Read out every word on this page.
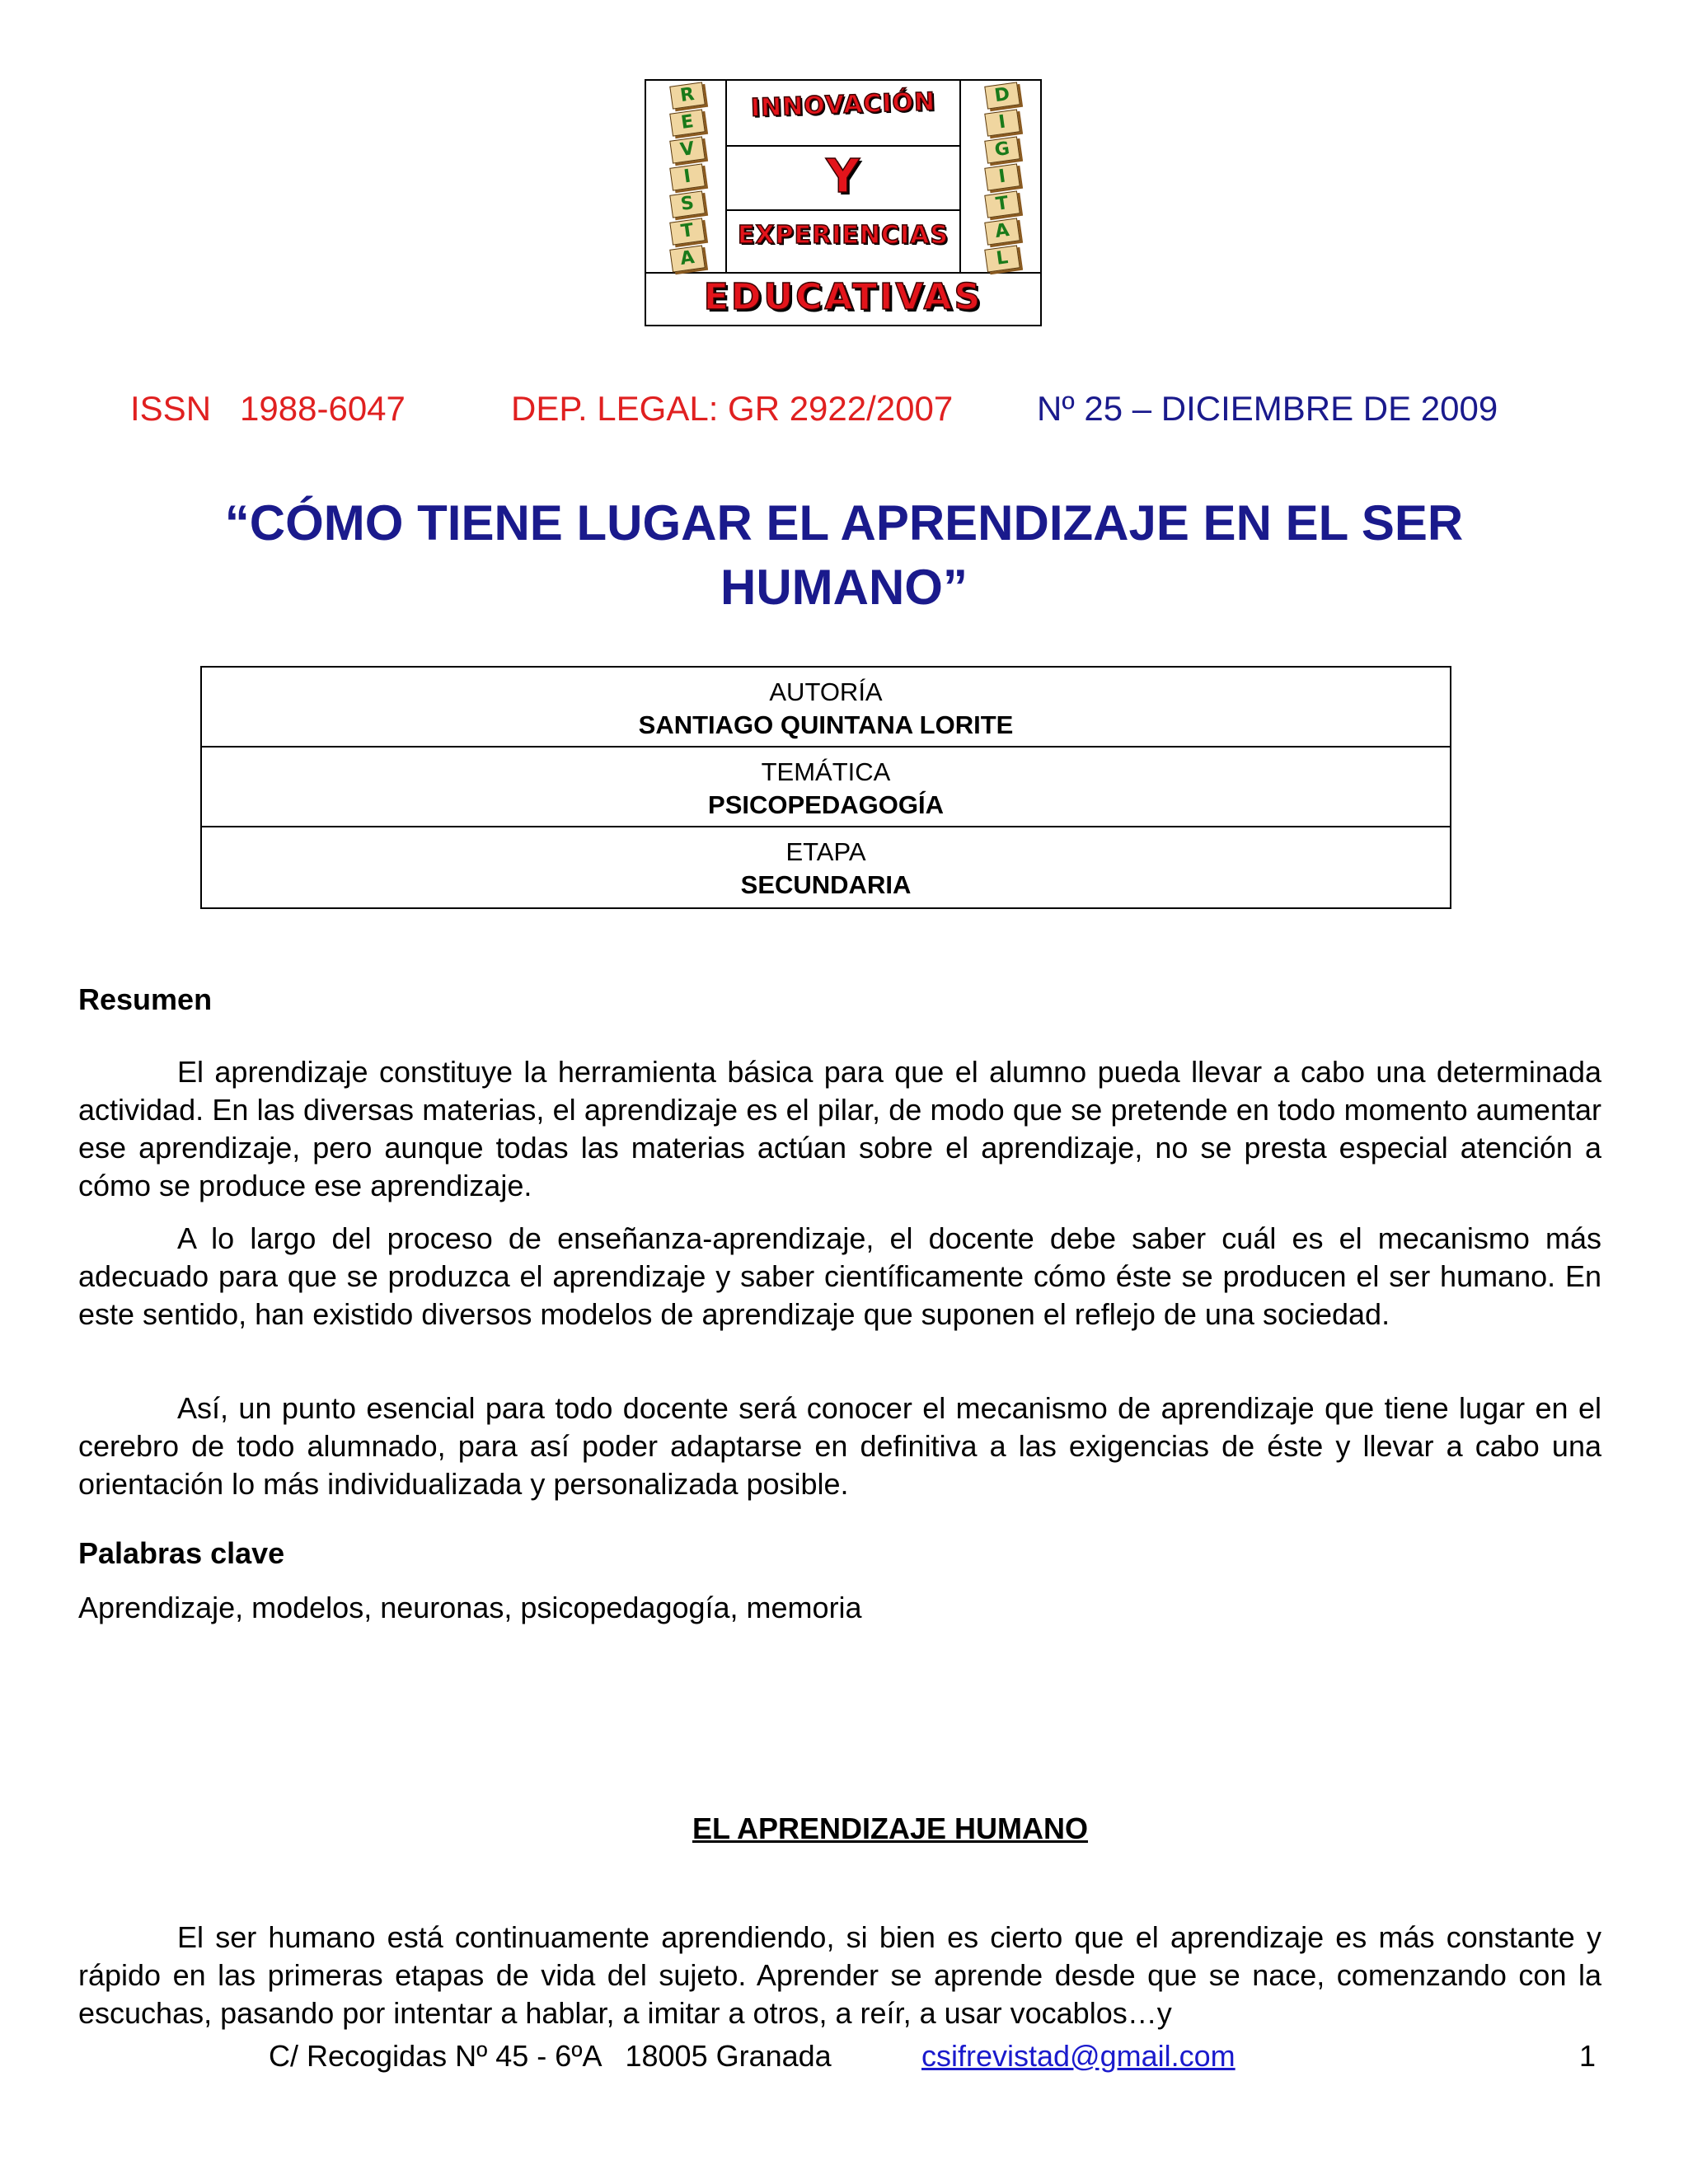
INNOVACIÓN
Y
EXPERIENCIAS
EDUCATIVAS
R
E
V
I
S
T
A
D
I
G
I
T
A
L
ISSN   1988-6047	DEP. LEGAL: GR 2922/2007 Nº 25 – DICIEMBRE DE 2009
“CÓMO TIENE LUGAR EL APRENDIZAJE EN EL SER HUMANO”
AUTORÍA
SANTIAGO QUINTANA LORITE
TEMÁTICA
PSICOPEDAGOGÍA
ETAPA
SECUNDARIA
Resumen

El aprendizaje constituye la herramienta básica para que el alumno pueda llevar a cabo una determinada actividad. En las diversas materias, el aprendizaje es el pilar, de modo que se pretende en todo momento aumentar ese aprendizaje, pero aunque todas las materias actúan sobre el aprendizaje, no se presta especial atención a cómo se produce ese aprendizaje.

A lo largo del proceso de enseñanza-aprendizaje, el docente debe saber cuál es el mecanismo más adecuado para que se produzca el aprendizaje y saber científicamente cómo éste se producen el ser humano. En este sentido, han existido diversos modelos de aprendizaje que suponen el reflejo de una sociedad.

Así, un punto esencial para todo docente será conocer el mecanismo de aprendizaje que tiene lugar en el cerebro de todo alumnado, para así poder adaptarse en definitiva a las exigencias de éste y llevar a cabo una orientación lo más individualizada y personalizada posible.

Palabras clave

Aprendizaje, modelos, neuronas, psicopedagogía, memoria

EL APRENDIZAJE HUMANO

El ser humano está continuamente aprendiendo, si bien es cierto que el aprendizaje es más constante y rápido en las primeras etapas de vida del sujeto. Aprender se aprende desde que se nace, comenzando con la escuchas, pasando por intentar a hablar, a imitar a otros, a reír, a usar vocablos…y

C/ Recogidas Nº 45 - 6ºA   18005 Granada	csifrevistad@gmail.com	1
